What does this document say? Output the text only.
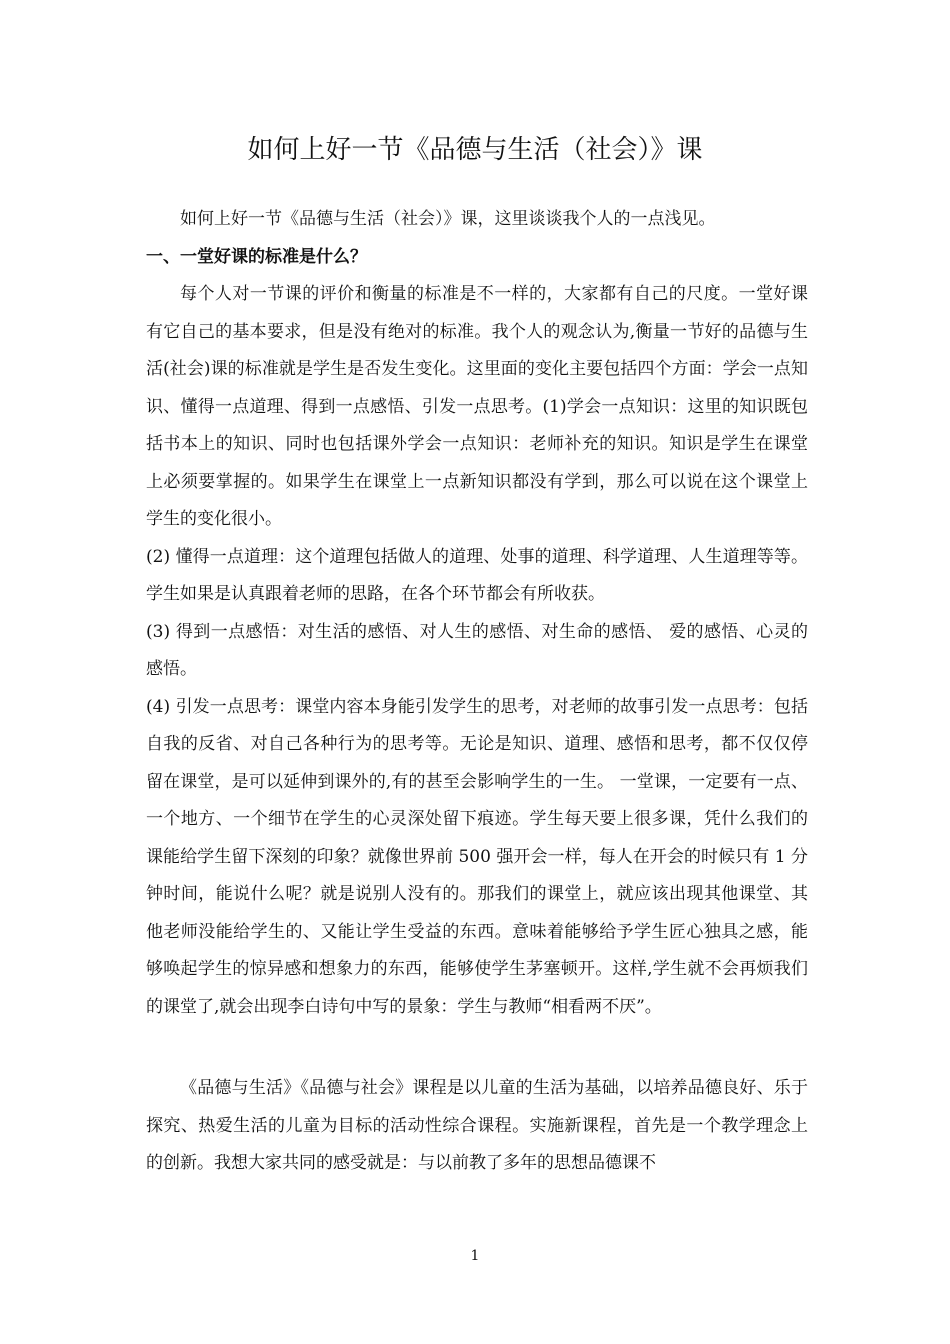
如何上好一节《品德与生活（社会）》课

如何上好一节《品德与生活（社会）》课，这里谈谈我个人的一点浅见。

一、一堂好课的标准是什么？

每个人对一节课的评价和衡量的标准是不一样的，大家都有自己的尺度。一堂好课有它自己的基本要求，但是没有绝对的标准。我个人的观念认为,衡量一节好的品德与生活(社会)课的标准就是学生是否发生变化。这里面的变化主要包括四个方面：学会一点知识、懂得一点道理、得到一点感悟、引发一点思考。(1)学会一点知识：这里的知识既包括书本上的知识、同时也包括课外学会一点知识：老师补充的知识。知识是学生在课堂上必须要掌握的。如果学生在课堂上一点新知识都没有学到，那么可以说在这个课堂上学生的变化很小。

(2) 懂得一点道理：这个道理包括做人的道理、处事的道理、科学道理、人生道理等等。 学生如果是认真跟着老师的思路，在各个环节都会有所收获。

(3) 得到一点感悟：对生活的感悟、对人生的感悟、对生命的感悟、 爱的感悟、心灵的感悟。

(4) 引发一点思考：课堂内容本身能引发学生的思考，对老师的故事引发一点思考：包括自我的反省、对自己各种行为的思考等。无论是知识、道理、感悟和思考，都不仅仅停留在课堂，是可以延伸到课外的,有的甚至会影响学生的一生。 一堂课，一定要有一点、一个地方、一个细节在学生的心灵深处留下痕迹。学生每天要上很多课，凭什么我们的课能给学生留下深刻的印象？就像世界前 500 强开会一样，每人在开会的时候只有 1 分钟时间，能说什么呢？就是说别人没有的。那我们的课堂上，就应该出现其他课堂、其他老师没能给学生的、又能让学生受益的东西。意味着能够给予学生匠心独具之感，能够唤起学生的惊异感和想象力的东西，能够使学生茅塞顿开。这样,学生就不会再烦我们的课堂了,就会出现李白诗句中写的景象：学生与教师“相看两不厌”。

《品德与生活》《品德与社会》课程是以儿童的生活为基础，以培养品德良好、乐于探究、热爱生活的儿童为目标的活动性综合课程。实施新课程，首先是一个教学理念上的创新。我想大家共同的感受就是：与以前教了多年的思想品德课不

1
